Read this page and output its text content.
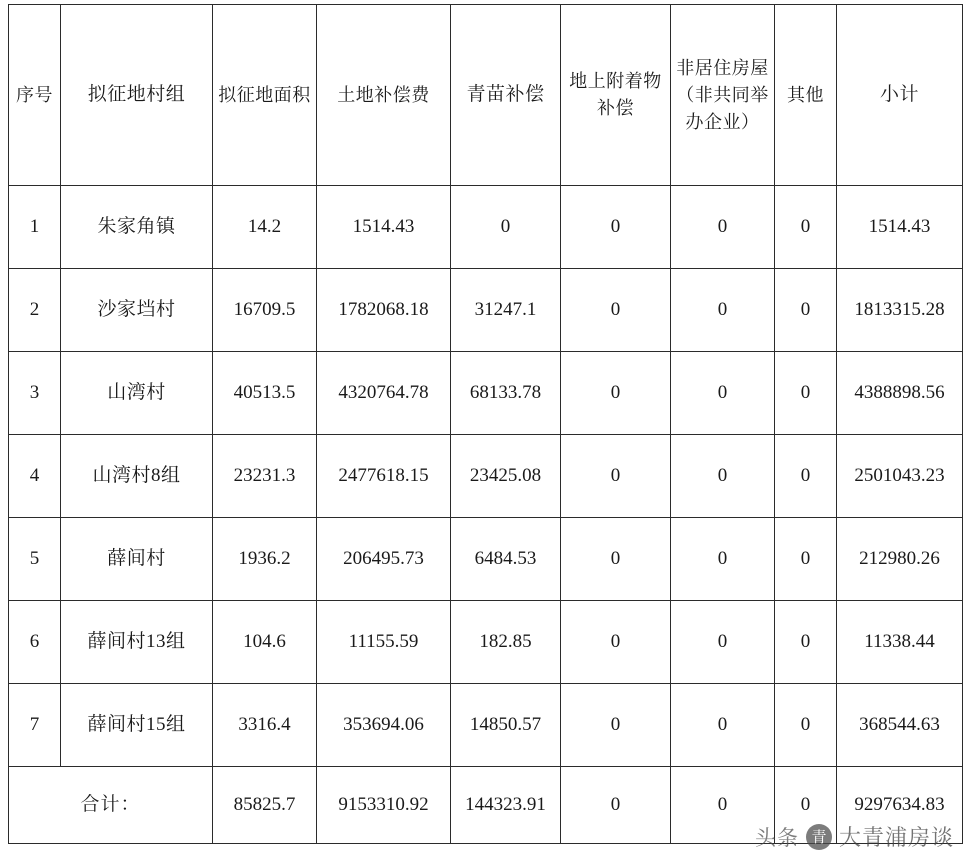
序号	拟征地村组	拟征地面积	土地补偿费	青苗补偿	地上附着物补偿	非居住房屋（非共同举办企业）	其他	小计
1	朱家角镇	14.2	1514.43	0	0	0	0	1514.43
2	沙家垱村	16709.5	1782068.18	31247.1	0	0	0	1813315.28
3	山湾村	40513.5	4320764.78	68133.78	0	0	0	4388898.56
4	山湾村8组	23231.3	2477618.15	23425.08	0	0	0	2501043.23
5	薛间村	1936.2	206495.73	6484.53	0	0	0	212980.26
6	薛间村13组	104.6	11155.59	182.85	0	0	0	11338.44
7	薛间村15组	3316.4	353694.06	14850.57	0	0	0	368544.63
合计：		85825.7	9153310.92	144323.91	0	0	0	9297634.83
头条 青 大青浦房谈
